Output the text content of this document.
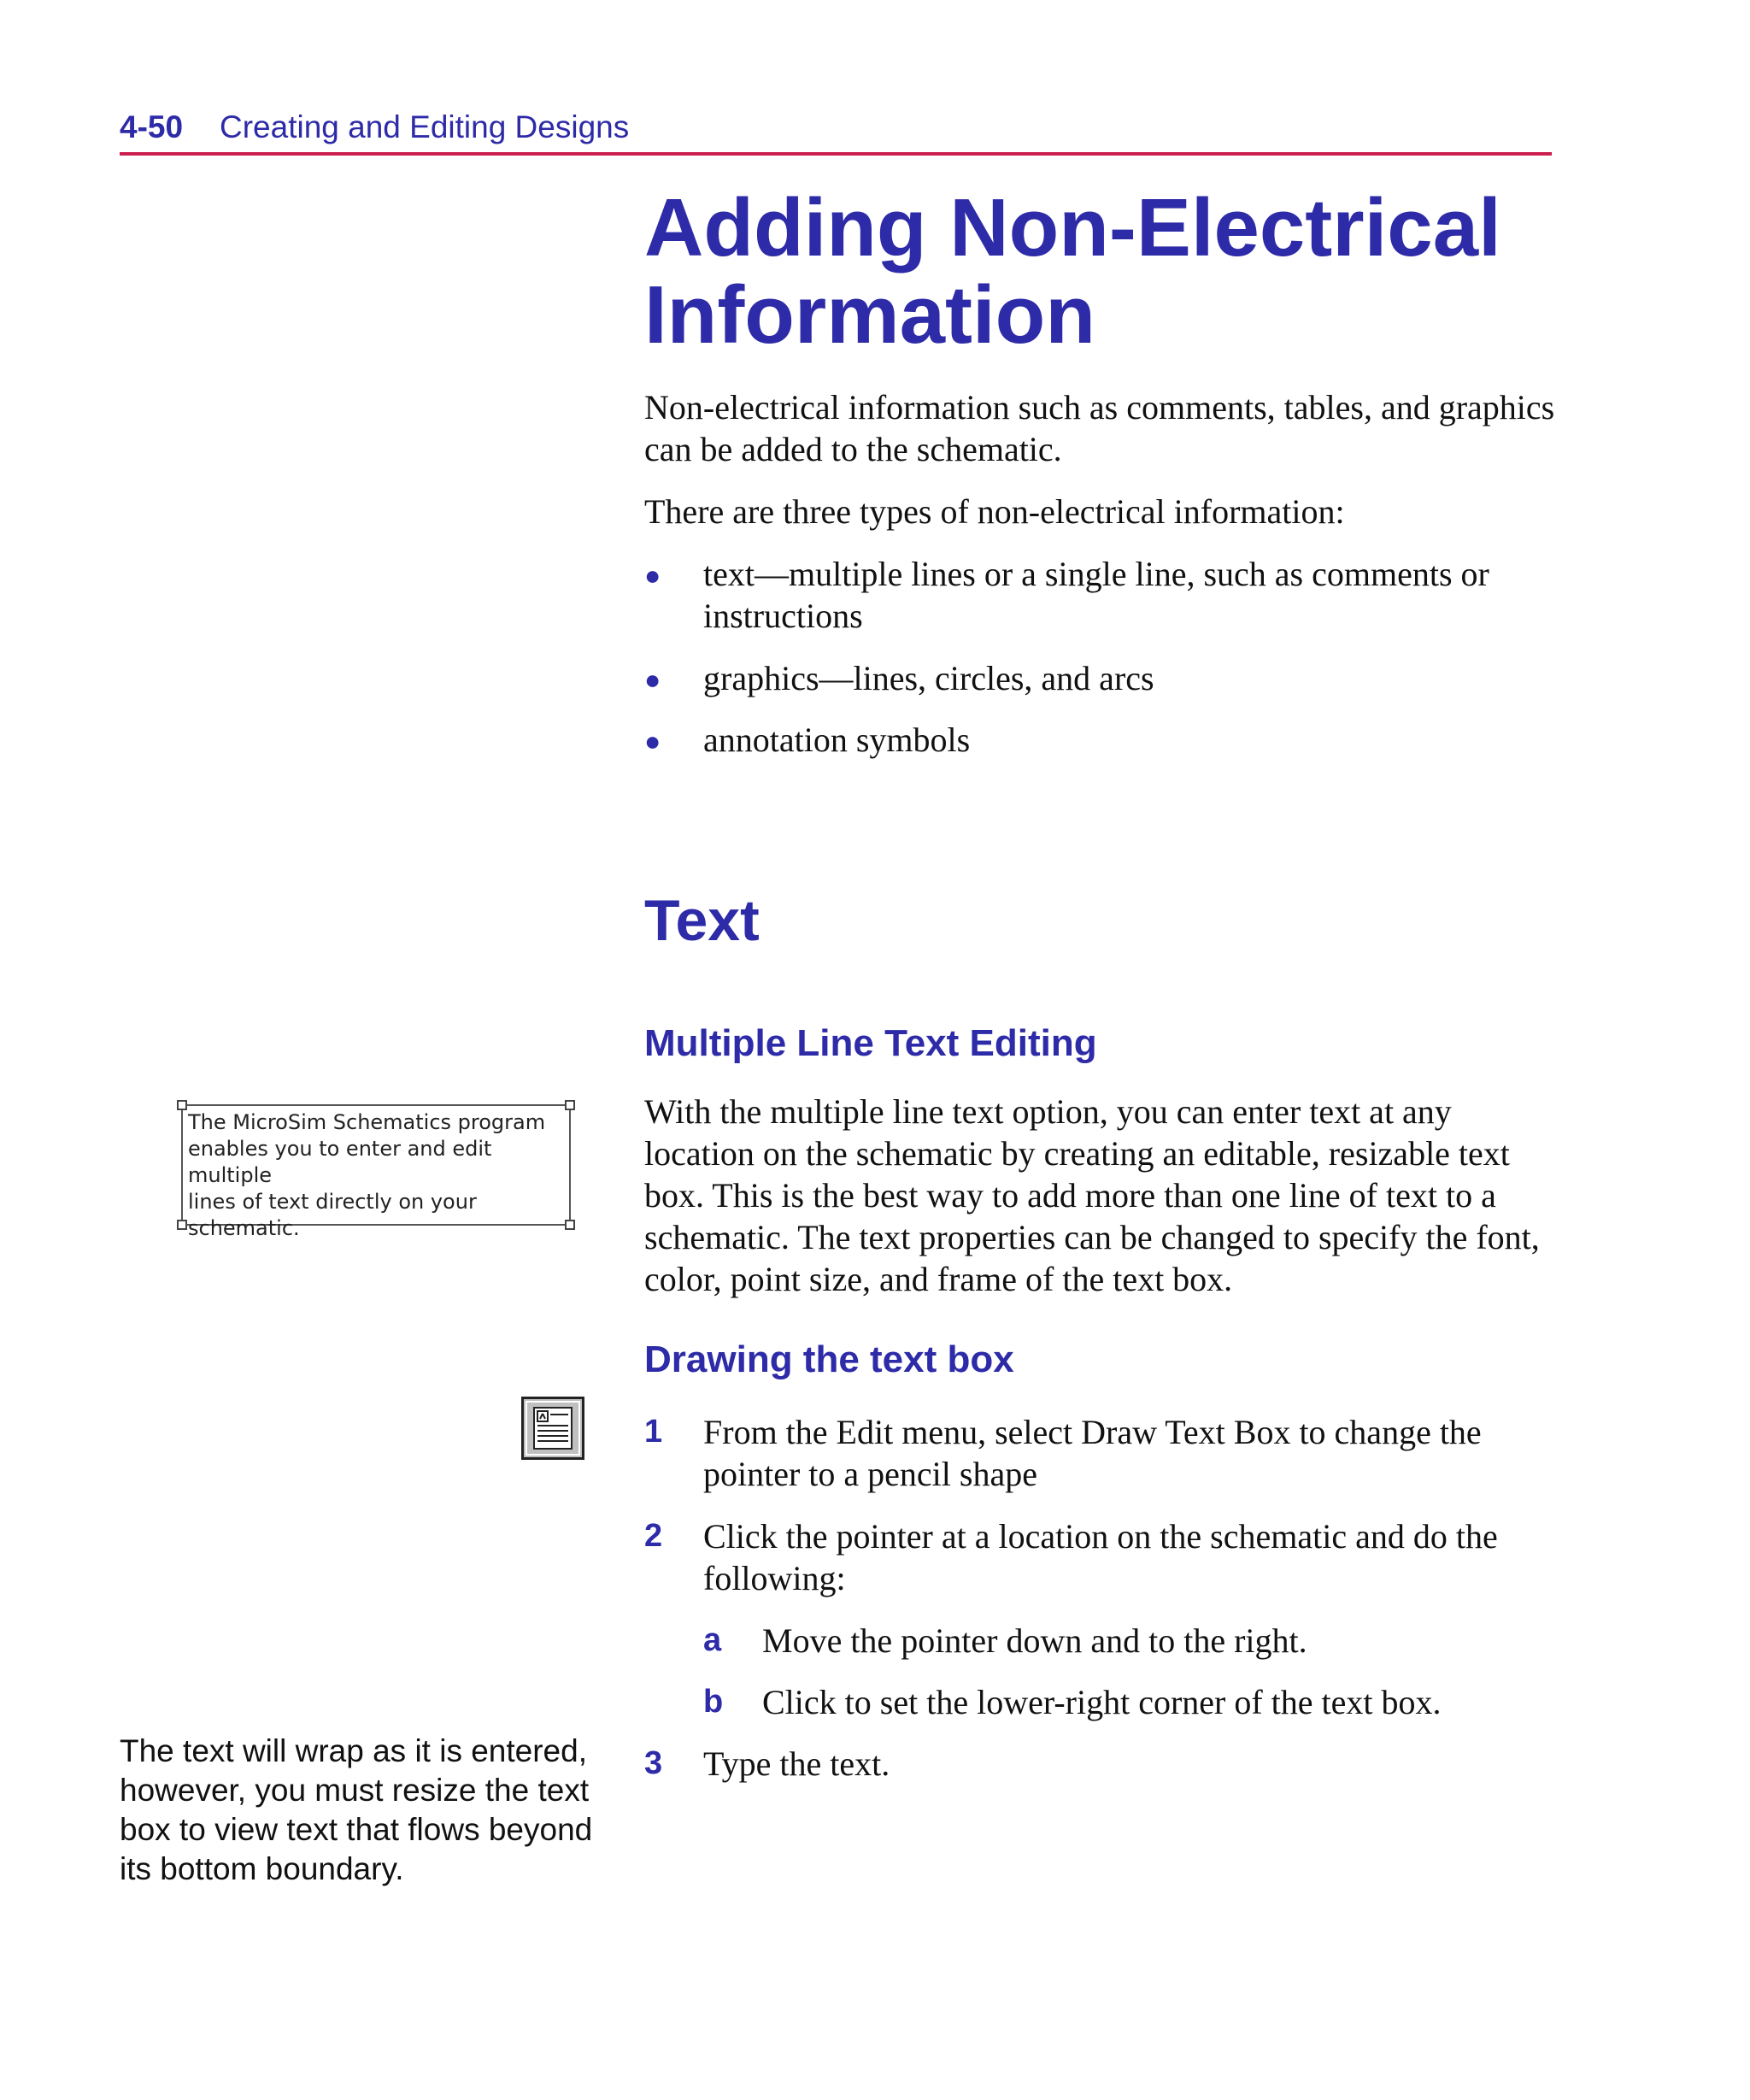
4-50 Creating and Editing Designs
Adding Non-Electrical
Information

Non-electrical information such as comments, tables, and graphics can be added to the schematic.

There are three types of non-electrical information:

● text—multiple lines or a single line, such as comments or instructions
● graphics—lines, circles, and arcs
● annotation symbols
Text
Multiple Line Text Editing

With the multiple line text option, you can enter text at any location on the schematic by creating an editable, resizable text box. This is the best way to add more than one line of text to a schematic. The text properties can be changed to specify the font, color, point size, and frame of the text box.

Drawing the text box
1 From the Edit menu, select Draw Text Box to change the pointer to a pencil shape
2 Click the pointer at a location on the schematic and do the following:
a Move the pointer down and to the right.
b Click to set the lower-right corner of the text box.
3 Type the text.
The MicroSim Schematics program
enables you to enter and edit multiple
lines of text directly on your
schematic.
The text will wrap as it is entered, however, you must resize the text box to view text that flows beyond its bottom boundary.
